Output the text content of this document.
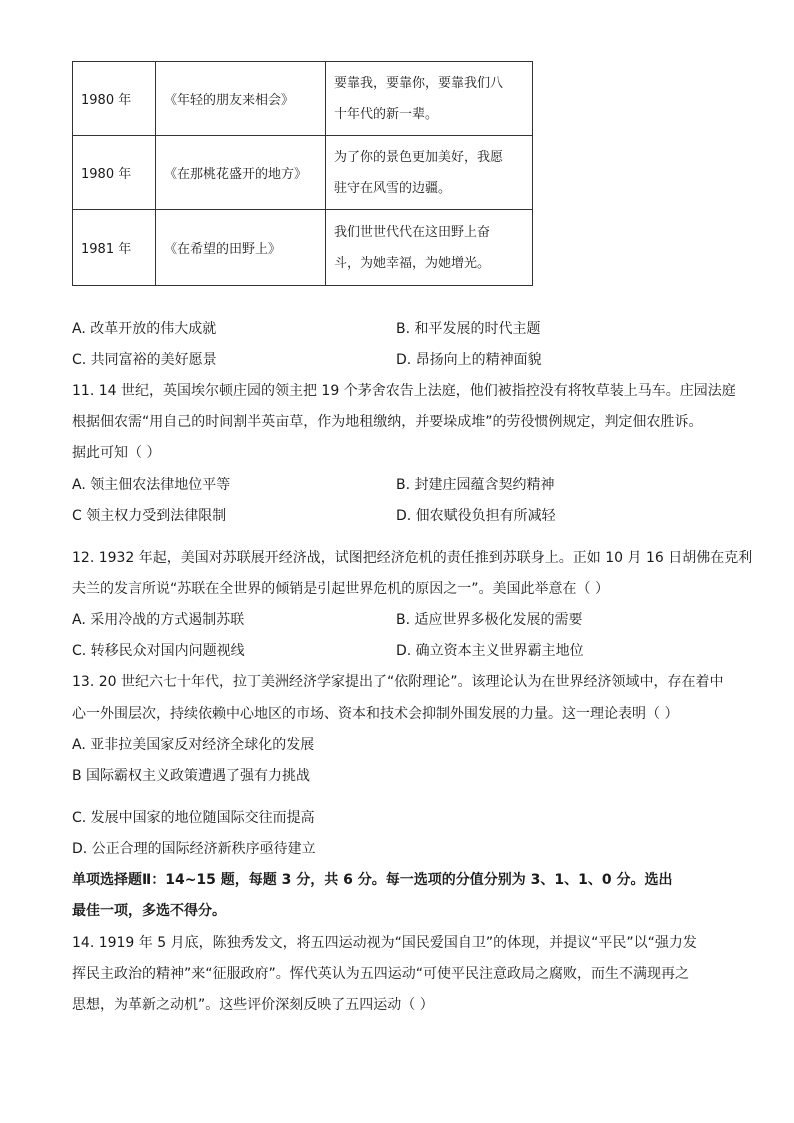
1980 年	《年轻的朋友来相会》	要靠我，要靠你，要靠我们八
十年代的新一辈。

1980 年	《在那桃花盛开的地方》	为了你的景色更加美好，我愿
驻守在风雪的边疆。

1981 年	《在希望的田野上》	我们世世代代在这田野上奋
斗，为她幸福，为她增光。
A. 改革开放的伟大成就	B. 和平发展的时代主题
C. 共同富裕的美好愿景	D. 昂扬向上的精神面貌
11. 14 世纪，英国埃尔顿庄园的领主把 19 个茅舍农告上法庭，他们被指控没有将牧草装上马车。庄园法庭
根据佃农需“用自己的时间割半英亩草，作为地租缴纳，并要垛成堆”的劳役惯例规定，判定佃农胜诉。
据此可知（ ）
A. 领主佃农法律地位平等	B. 封建庄园蕴含契约精神
C 领主权力受到法律限制	D. 佃农赋役负担有所减轻
12. 1932 年起，美国对苏联展开经济战，试图把经济危机的责任推到苏联身上。正如 10 月 16 日胡佛在克利
夫兰的发言所说“苏联在全世界的倾销是引起世界危机的原因之一”。美国此举意在（ ）
A. 采用冷战的方式遏制苏联	B. 适应世界多极化发展的需要
C. 转移民众对国内问题视线	D. 确立资本主义世界霸主地位
13. 20 世纪六七十年代，拉丁美洲经济学家提出了“依附理论”。该理论认为在世界经济领域中，存在着中
心一外围层次，持续依赖中心地区的市场、资本和技术会抑制外围发展的力量。这一理论表明（ ）
A. 亚非拉美国家反对经济全球化的发展
B 国际霸权主义政策遭遇了强有力挑战
C. 发展中国家的地位随国际交往而提高
D. 公正合理的国际经济新秩序亟待建立
单项选择题Ⅱ：14~15 题，每题 3 分，共 6 分。每一选项的分值分别为 3、1、1、0 分。选出
最佳一项，多选不得分。
14. 1919 年 5 月底，陈独秀发文，将五四运动视为“国民爱国自卫”的体现，并提议“平民”以“强力发
挥民主政治的精神”来“征服政府”。恽代英认为五四运动“可使平民注意政局之腐败，而生不满现再之
思想，为革新之动机”。这些评价深刻反映了五四运动（ ）
